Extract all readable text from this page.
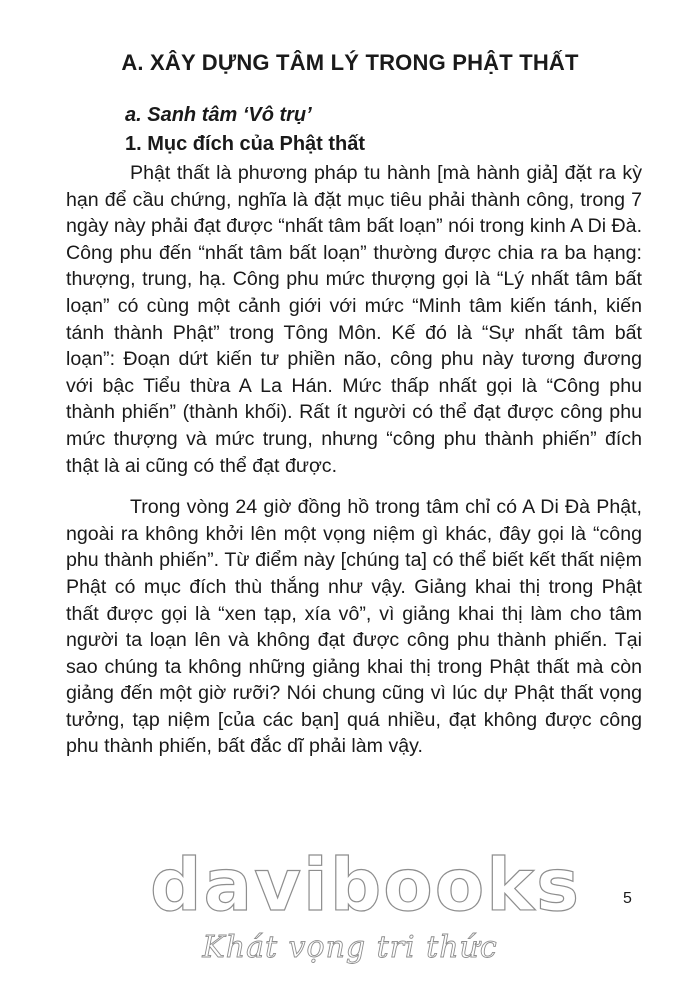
A. XÂY DỰNG TÂM LÝ TRONG PHẬT THẤT
a. Sanh tâm ‘Vô trụ’
1. Mục đích của Phật thất

Phật thất là phương pháp tu hành [mà hành giả] đặt ra kỳ hạn để cầu chứng, nghĩa là đặt mục tiêu phải thành công, trong 7 ngày này phải đạt được “nhất tâm bất loạn” nói trong kinh A Di Đà. Công phu đến “nhất tâm bất loạn” thường được chia ra ba hạng: thượng, trung, hạ. Công phu mức thượng gọi là “Lý nhất tâm bất loạn” có cùng một cảnh giới với mức “Minh tâm kiến tánh, kiến tánh thành Phật” trong Tông Môn. Kế đó là “Sự nhất tâm bất loạn”: Đoạn dứt kiến tư phiền não, công phu này tương đương với bậc Tiểu thừa A La Hán. Mức thấp nhất gọi là “Công phu thành phiến” (thành khối). Rất ít người có thể đạt được công phu mức thượng và mức trung, nhưng “công phu thành phiến” đích thật là ai cũng có thể đạt được.

Trong vòng 24 giờ đồng hồ trong tâm chỉ có A Di Đà Phật, ngoài ra không khởi lên một vọng niệm gì khác, đây gọi là “công phu thành phiến”. Từ điểm này [chúng ta] có thể biết kết thất niệm Phật có mục đích thù thắng như vậy. Giảng khai thị trong Phật thất được gọi là “xen tạp, xía vô”, vì giảng khai thị làm cho tâm người ta loạn lên và không đạt được công phu thành phiến. Tại sao chúng ta không những giảng khai thị trong Phật thất mà còn giảng đến một giờ rưỡi? Nói chung cũng vì lúc dự Phật thất vọng tưởng, tạp niệm [của các bạn] quá nhiều, đạt không được công phu thành phiến, bất đắc dĩ phải làm vậy.

davibooks
Khát vọng tri thức
5
